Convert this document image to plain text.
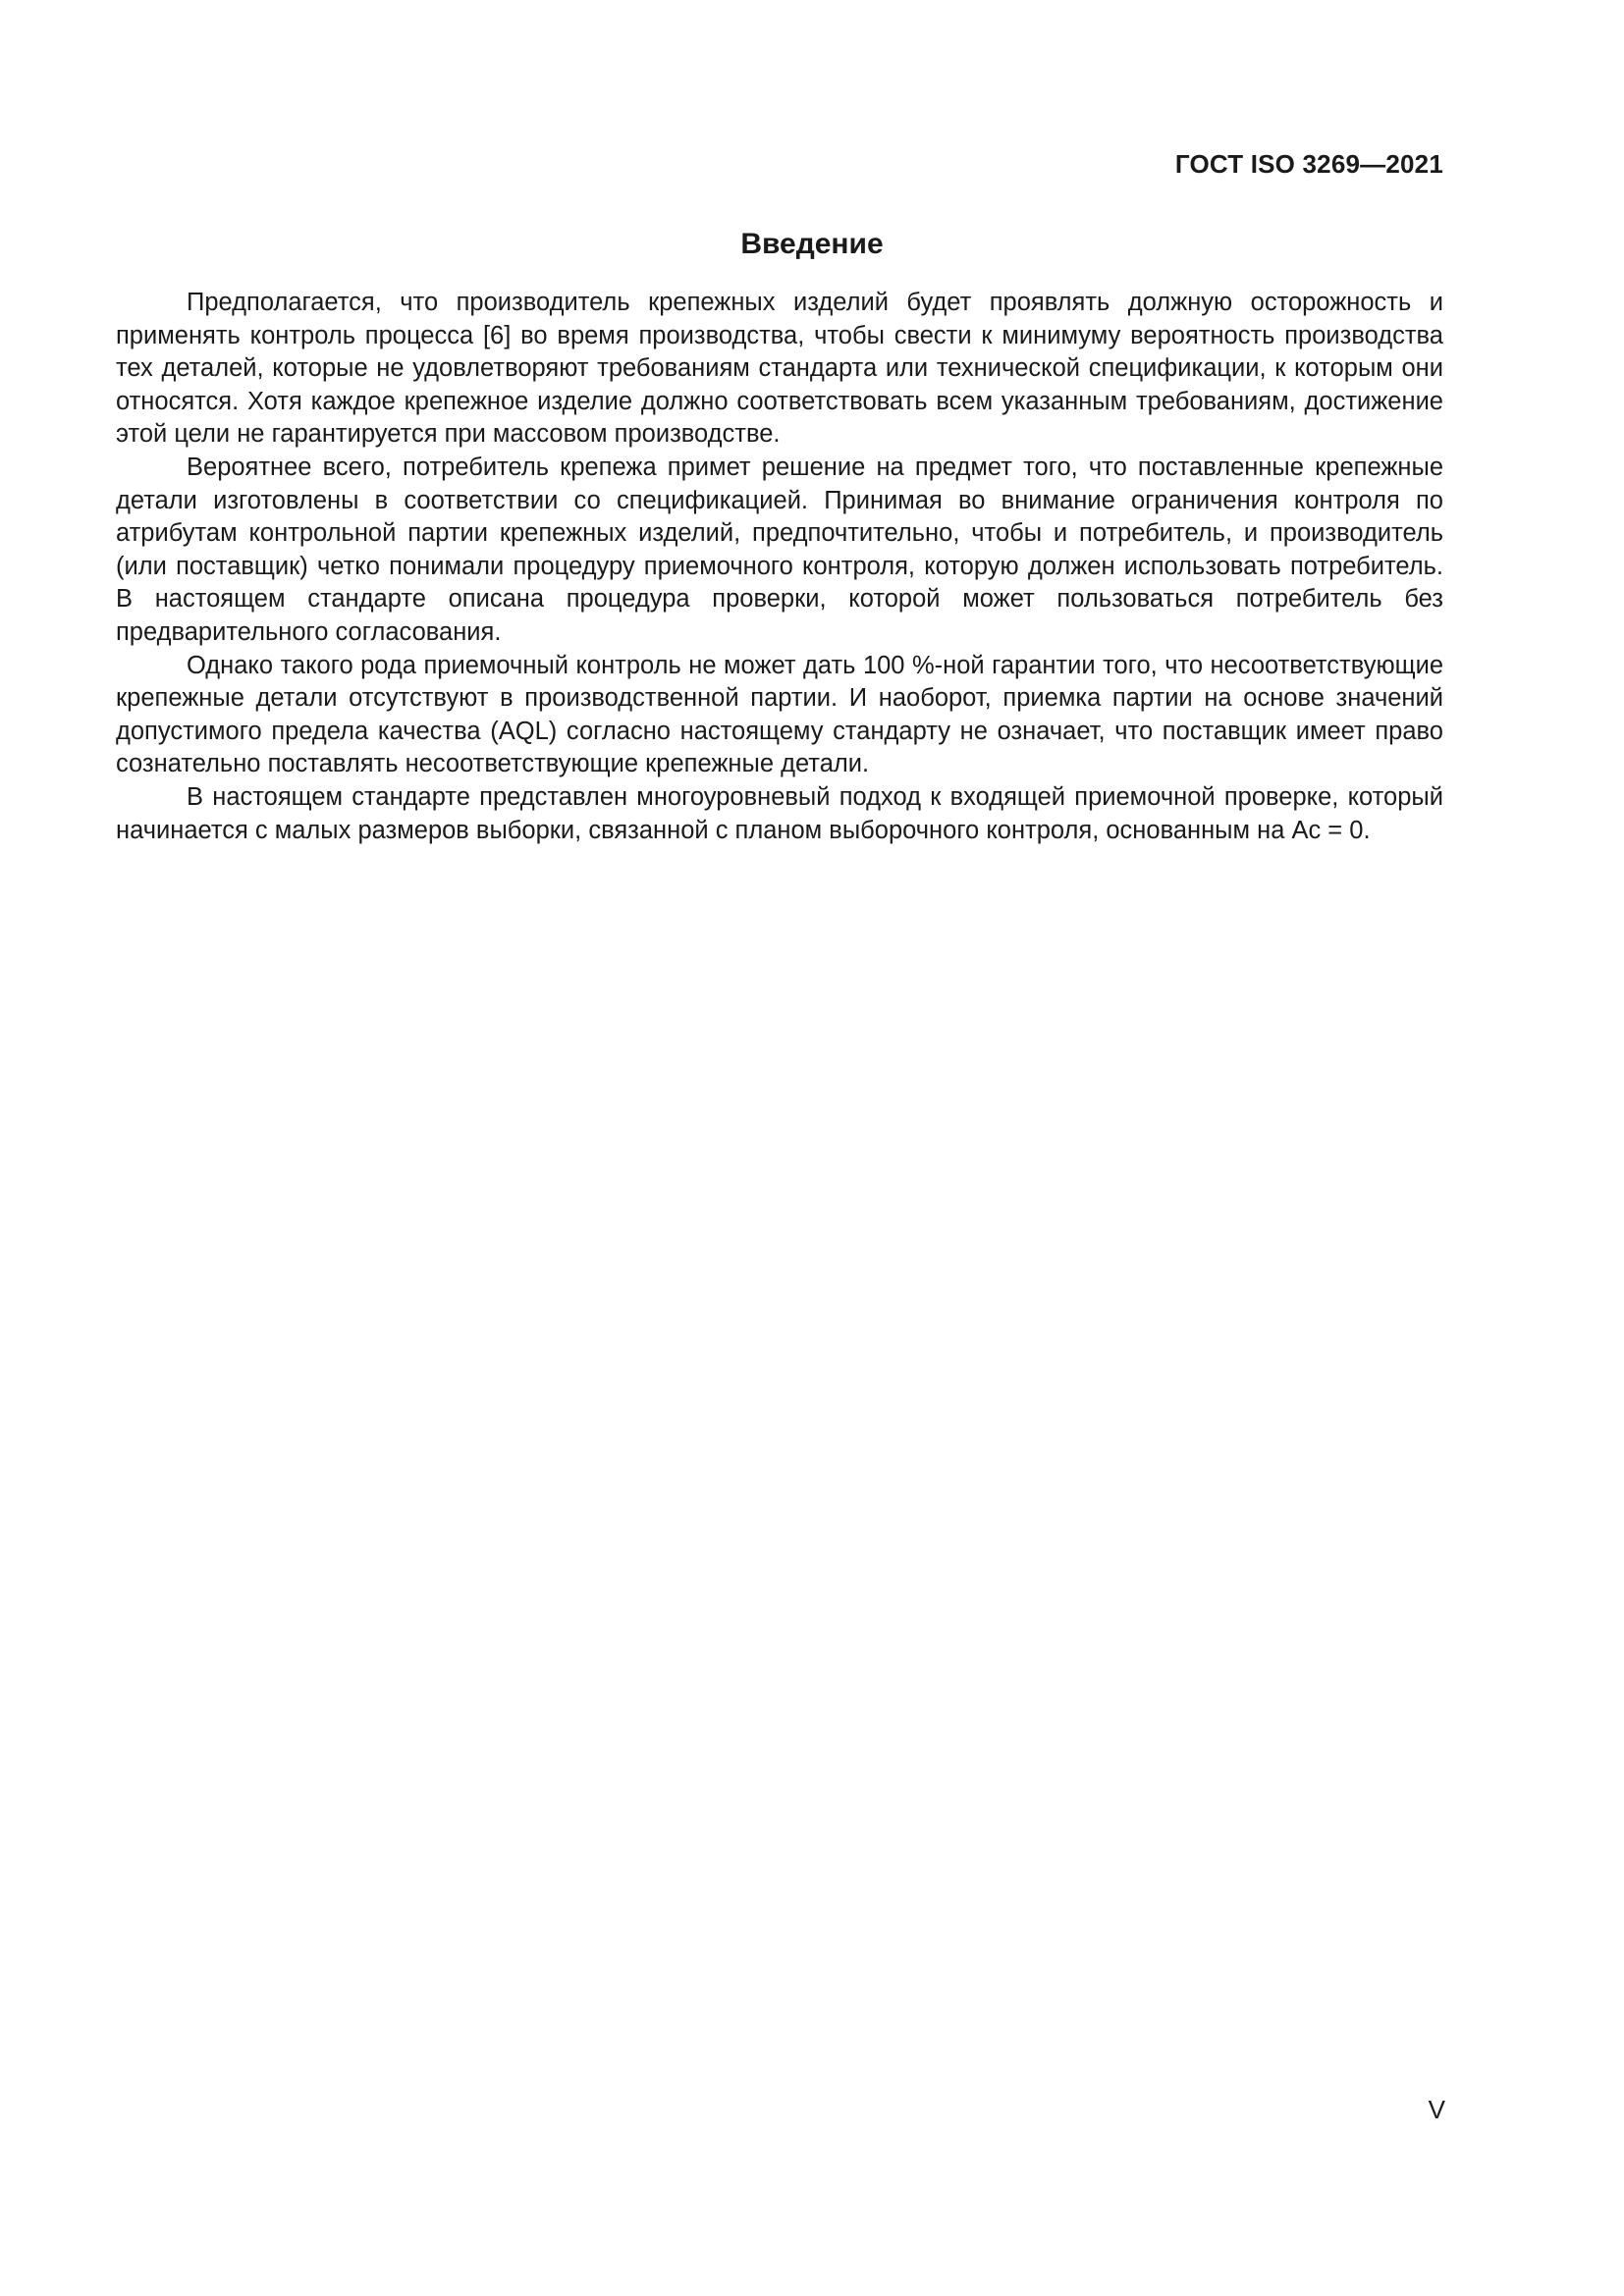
ГОСТ ISO 3269—2021
Введение

Предполагается, что производитель крепежных изделий будет проявлять должную осторожность и применять контроль процесса [6] во время производства, чтобы свести к минимуму вероятность производства тех деталей, которые не удовлетворяют требованиям стандарта или технической спецификации, к которым они относятся. Хотя каждое крепежное изделие должно соответствовать всем указанным требованиям, достижение этой цели не гарантируется при массовом производстве.

Вероятнее всего, потребитель крепежа примет решение на предмет того, что поставленные крепежные детали изготовлены в соответствии со спецификацией. Принимая во внимание ограничения контроля по атрибутам контрольной партии крепежных изделий, предпочтительно, чтобы и потребитель, и производитель (или поставщик) четко понимали процедуру приемочного контроля, которую должен использовать потребитель. В настоящем стандарте описана процедура проверки, которой может пользоваться потребитель без предварительного согласования.

Однако такого рода приемочный контроль не может дать 100 %-ной гарантии того, что несоответствующие крепежные детали отсутствуют в производственной партии. И наоборот, приемка партии на основе значений допустимого предела качества (AQL) согласно настоящему стандарту не означает, что поставщик имеет право сознательно поставлять несоответствующие крепежные детали.

В настоящем стандарте представлен многоуровневый подход к входящей приемочной проверке, который начинается с малых размеров выборки, связанной с планом выборочного контроля, основанным на Ac = 0.

V
